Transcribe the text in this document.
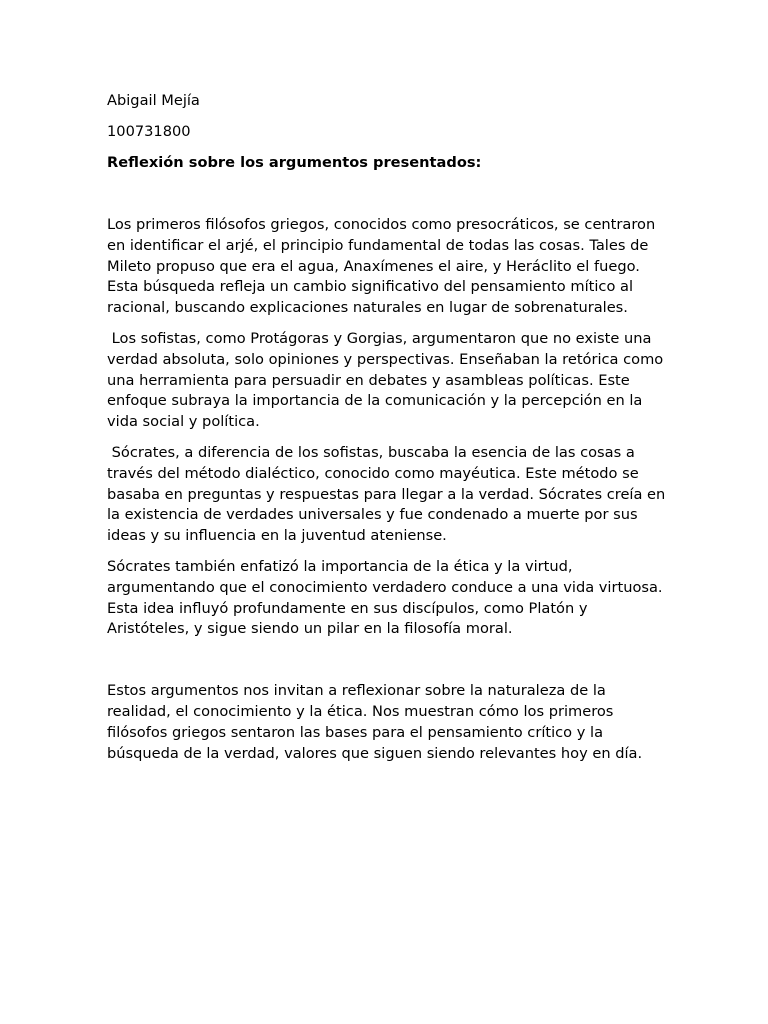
Abigail Mejía

100731800

Reflexión sobre los argumentos presentados:

Los primeros filósofos griegos, conocidos como presocráticos, se centraron en identificar el arjé, el principio fundamental de todas las cosas. Tales de Mileto propuso que era el agua, Anaxímenes el aire, y Heráclito el fuego. Esta búsqueda refleja un cambio significativo del pensamiento mítico al racional, buscando explicaciones naturales en lugar de sobrenaturales.

Los sofistas, como Protágoras y Gorgias, argumentaron que no existe una verdad absoluta, solo opiniones y perspectivas. Enseñaban la retórica como una herramienta para persuadir en debates y asambleas políticas. Este enfoque subraya la importancia de la comunicación y la percepción en la vida social y política.

Sócrates, a diferencia de los sofistas, buscaba la esencia de las cosas a través del método dialéctico, conocido como mayéutica. Este método se basaba en preguntas y respuestas para llegar a la verdad. Sócrates creía en la existencia de verdades universales y fue condenado a muerte por sus ideas y su influencia en la juventud ateniense.

Sócrates también enfatizó la importancia de la ética y la virtud, argumentando que el conocimiento verdadero conduce a una vida virtuosa. Esta idea influyó profundamente en sus discípulos, como Platón y Aristóteles, y sigue siendo un pilar en la filosofía moral.

Estos argumentos nos invitan a reflexionar sobre la naturaleza de la realidad, el conocimiento y la ética. Nos muestran cómo los primeros filósofos griegos sentaron las bases para el pensamiento crítico y la búsqueda de la verdad, valores que siguen siendo relevantes hoy en día.
